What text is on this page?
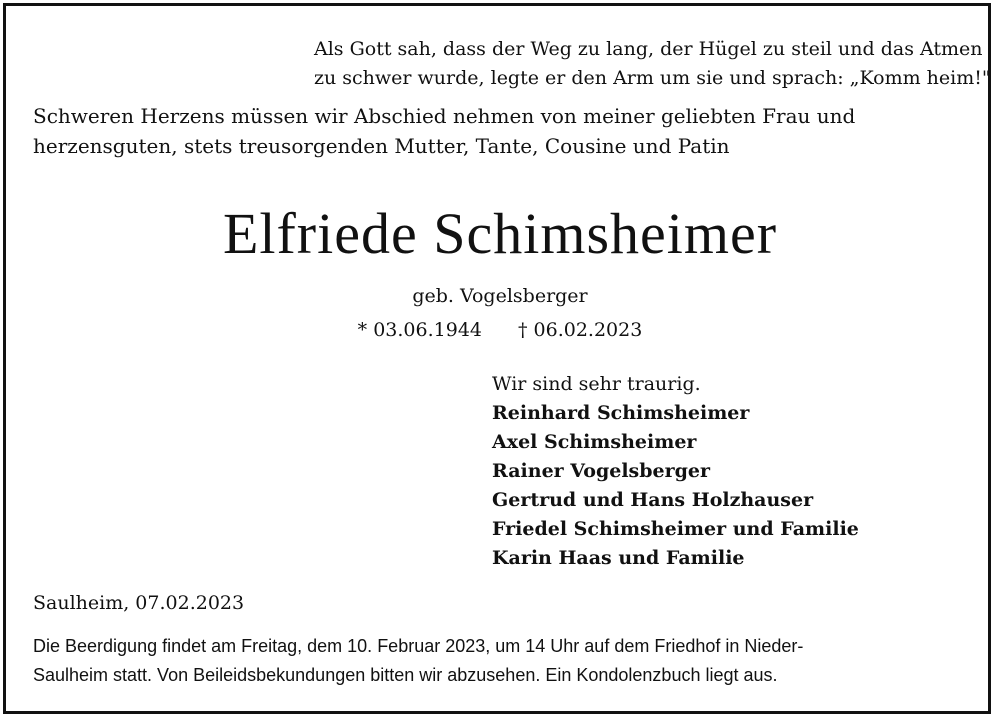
Als Gott sah, dass der Weg zu lang, der Hügel zu steil und das Atmen
zu schwer wurde, legte er den Arm um sie und sprach: „Komm heim!"
Schweren Herzens müssen wir Abschied nehmen von meiner geliebten Frau und
herzensguten, stets treusorgenden Mutter, Tante, Cousine und Patin
Elfriede Schimsheimer
geb. Vogelsberger
* 03.06.1944 † 06.02.2023
Wir sind sehr traurig.
Reinhard Schimsheimer
Axel Schimsheimer
Rainer Vogelsberger
Gertrud und Hans Holzhauser
Friedel Schimsheimer und Familie
Karin Haas und Familie
Saulheim, 07.02.2023
Die Beerdigung findet am Freitag, dem 10. Februar 2023, um 14 Uhr auf dem Friedhof in Nieder-
Saulheim statt. Von Beileidsbekundungen bitten wir abzusehen. Ein Kondolenzbuch liegt aus.
